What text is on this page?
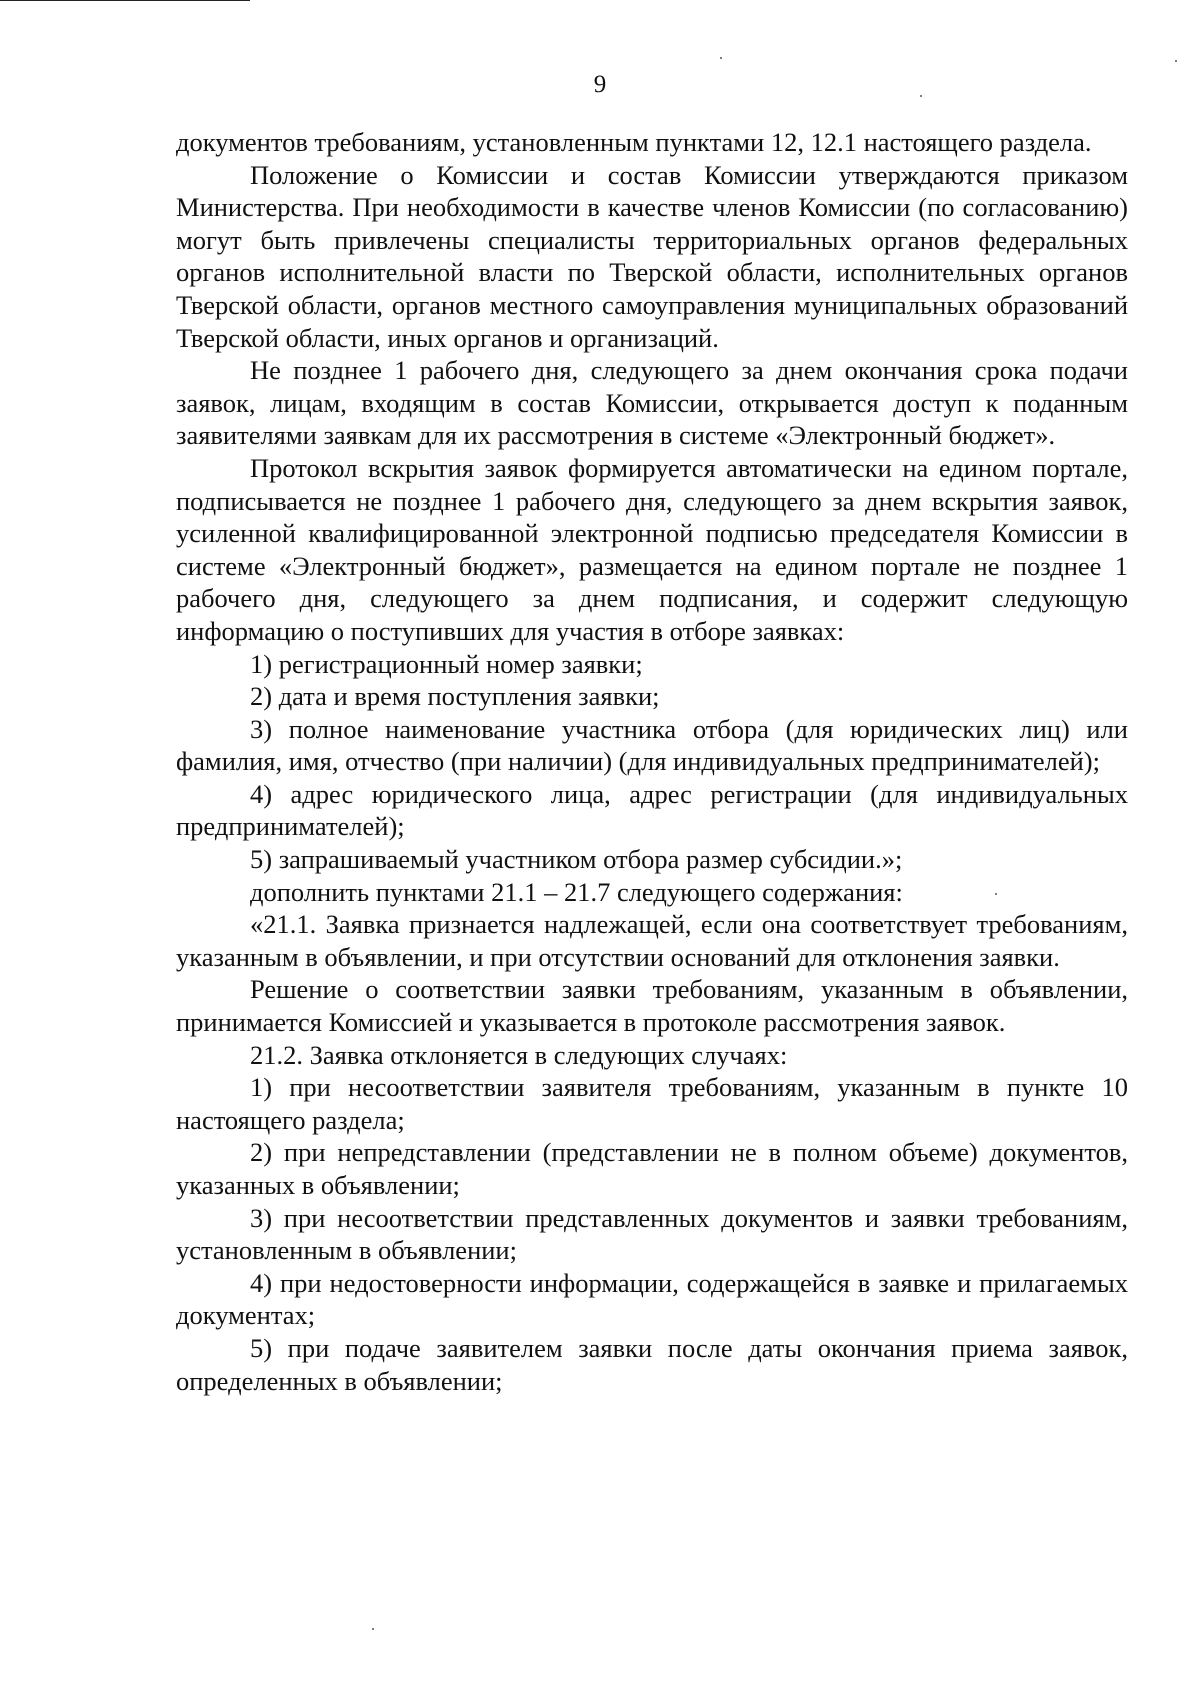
9

документов требованиям, установленным пунктами 12, 12.1 настоящего раздела.

Положение о Комиссии и состав Комиссии утверждаются приказом Министерства. При необходимости в качестве членов Комиссии (по согласованию) могут быть привлечены специалисты территориальных органов федеральных органов исполнительной власти по Тверской области, исполнительных органов Тверской области, органов местного самоуправления муниципальных образований Тверской области, иных органов и организаций.

Не позднее 1 рабочего дня, следующего за днем окончания срока подачи заявок, лицам, входящим в состав Комиссии, открывается доступ к поданным заявителями заявкам для их рассмотрения в системе «Электронный бюджет».

Протокол вскрытия заявок формируется автоматически на едином портале, подписывается не позднее 1 рабочего дня, следующего за днем вскрытия заявок, усиленной квалифицированной электронной подписью председателя Комиссии в системе «Электронный бюджет», размещается на едином портале не позднее 1 рабочего дня, следующего за днем подписания, и содержит следующую информацию о поступивших для участия в отборе заявках:

1) регистрационный номер заявки;

2) дата и время поступления заявки;

3) полное наименование участника отбора (для юридических лиц) или фамилия, имя, отчество (при наличии) (для индивидуальных предпринимателей);

4) адрес юридического лица, адрес регистрации (для индивидуальных предпринимателей);

5) запрашиваемый участником отбора размер субсидии.»;

дополнить пунктами 21.1 – 21.7 следующего содержания:

«21.1. Заявка признается надлежащей, если она соответствует требованиям, указанным в объявлении, и при отсутствии оснований для отклонения заявки.

Решение о соответствии заявки требованиям, указанным в объявлении, принимается Комиссией и указывается в протоколе рассмотрения заявок.

21.2. Заявка отклоняется в следующих случаях:

1) при несоответствии заявителя требованиям, указанным в пункте 10 настоящего раздела;

2) при непредставлении (представлении не в полном объеме) документов, указанных в объявлении;

3) при несоответствии представленных документов и заявки требованиям, установленным в объявлении;

4) при недостоверности информации, содержащейся в заявке и прилагаемых документах;

5) при подаче заявителем заявки после даты окончания приема заявок, определенных в объявлении;
